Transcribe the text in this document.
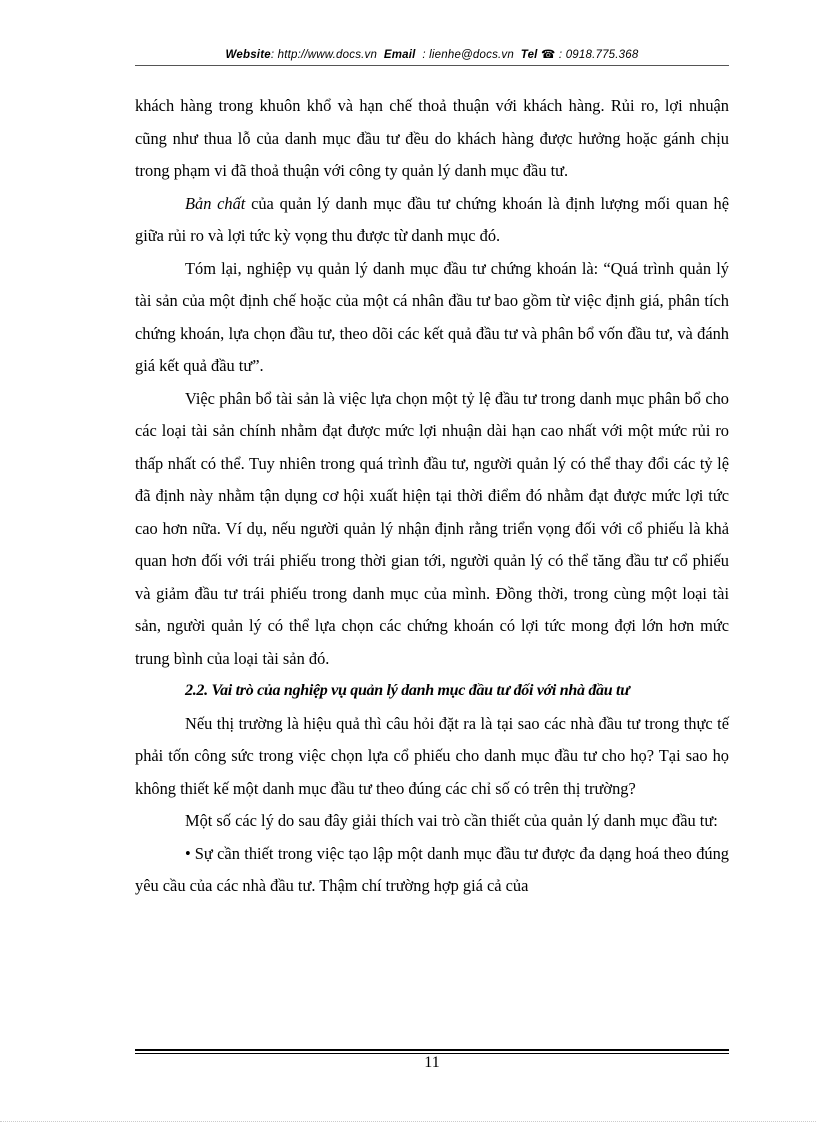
Website: http://www.docs.vn Email : lienhe@docs.vn Tel ☎ : 0918.775.368

khách hàng trong khuôn khổ và hạn chế thoả thuận với khách hàng. Rủi ro, lợi nhuận cũng như thua lỗ của danh mục đầu tư đều do khách hàng được hưởng hoặc gánh chịu trong phạm vi đã thoả thuận với công ty quản lý danh mục đầu tư.

Bản chất của quản lý danh mục đầu tư chứng khoán là định lượng mối quan hệ giữa rủi ro và lợi tức kỳ vọng thu được từ danh mục đó.

Tóm lại, nghiệp vụ quản lý danh mục đầu tư chứng khoán là: “Quá trình quản lý tài sản của một định chế hoặc của một cá nhân đầu tư bao gồm từ việc định giá, phân tích chứng khoán, lựa chọn đầu tư, theo dõi các kết quả đầu tư và phân bổ vốn đầu tư, và đánh giá kết quả đầu tư”.

Việc phân bổ tài sản là việc lựa chọn một tỷ lệ đầu tư trong danh mục phân bổ cho các loại tài sản chính nhằm đạt được mức lợi nhuận dài hạn cao nhất với một mức rủi ro thấp nhất có thể. Tuy nhiên trong quá trình đầu tư, người quản lý có thể thay đổi các tỷ lệ đã định này nhằm tận dụng cơ hội xuất hiện tại thời điểm đó nhằm đạt được mức lợi tức cao hơn nữa. Ví dụ, nếu người quản lý nhận định rằng triển vọng đối với cổ phiếu là khả quan hơn đối với trái phiếu trong thời gian tới, người quản lý có thể tăng đầu tư cổ phiếu và giảm đầu tư trái phiếu trong danh mục của mình. Đồng thời, trong cùng một loại tài sản, người quản lý có thể lựa chọn các chứng khoán có lợi tức mong đợi lớn hơn mức trung bình của loại tài sản đó.

2.2. Vai trò của nghiệp vụ quản lý danh mục đầu tư đối với nhà đầu tư

Nếu thị trường là hiệu quả thì câu hỏi đặt ra là tại sao các nhà đầu tư trong thực tế phải tốn công sức trong việc chọn lựa cổ phiếu cho danh mục đầu tư cho họ? Tại sao họ không thiết kế một danh mục đầu tư theo đúng các chỉ số có trên thị trường?

Một số các lý do sau đây giải thích vai trò cần thiết của quản lý danh mục đầu tư:

• Sự cần thiết trong việc tạo lập một danh mục đầu tư được đa dạng hoá theo đúng yêu cầu của các nhà đầu tư. Thậm chí trường hợp giá cả của

11
